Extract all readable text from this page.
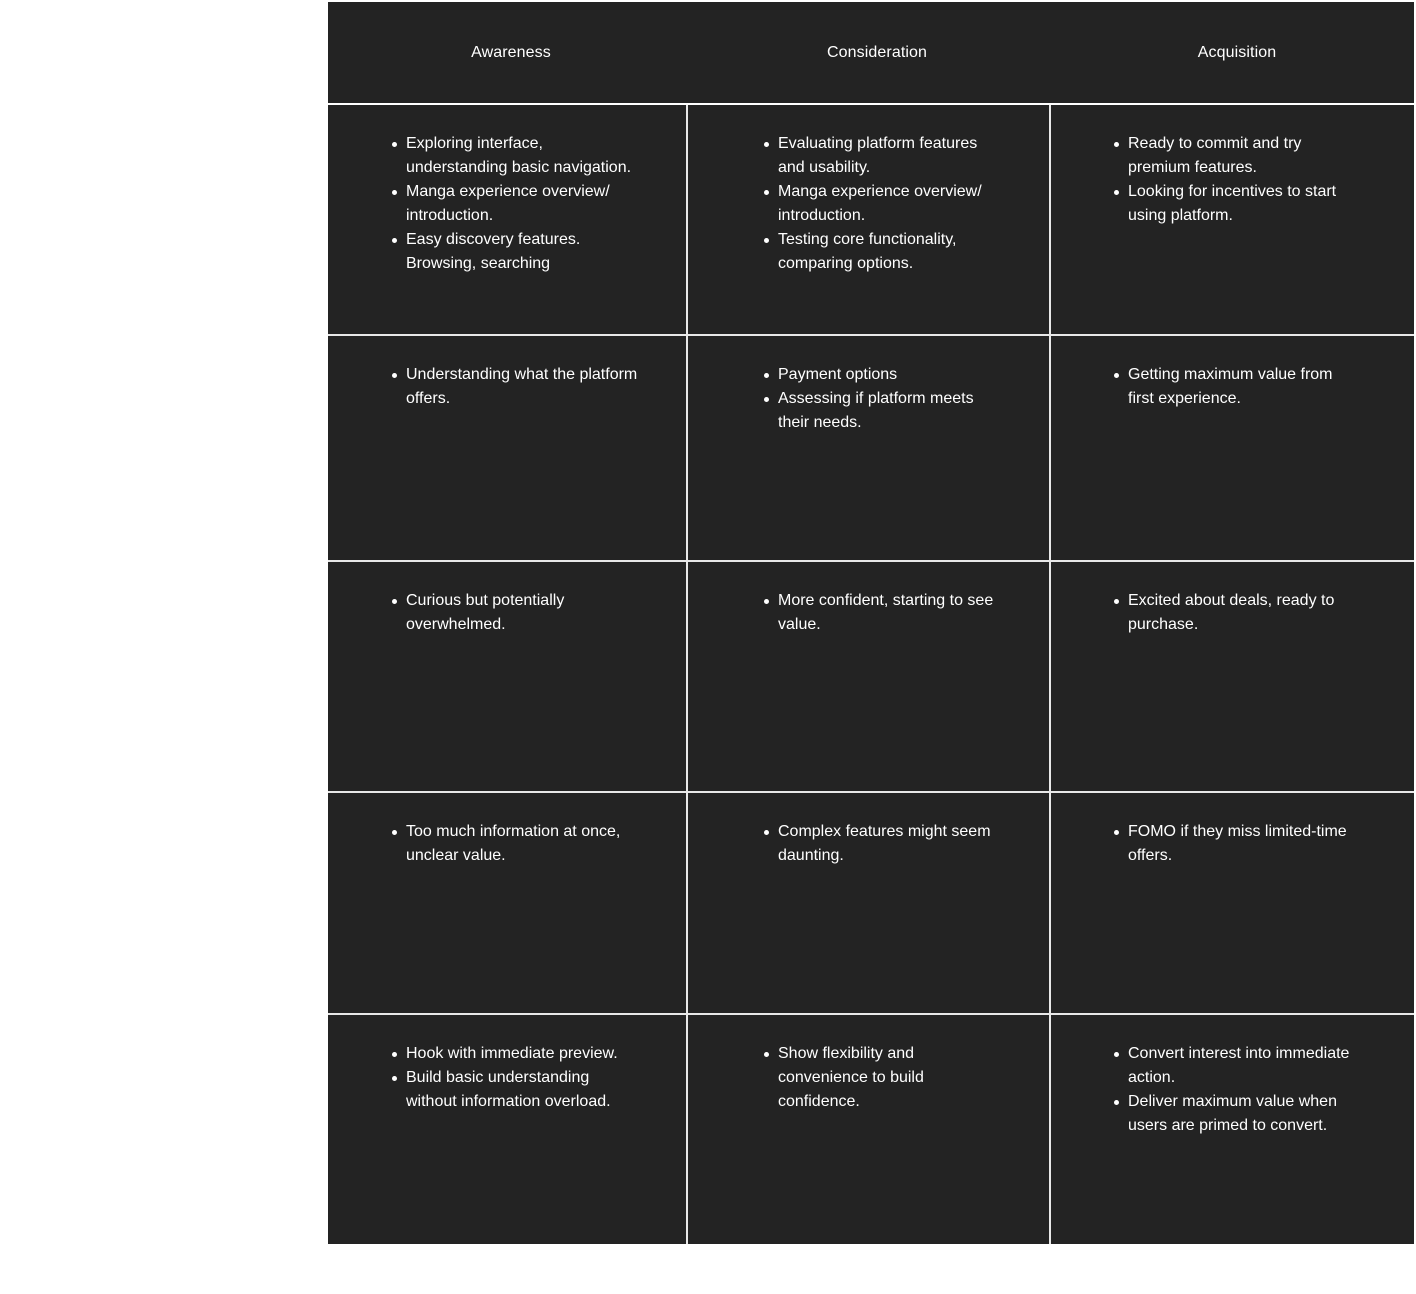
Awareness	Consideration	Acquisition
Exploring interface, understanding basic navigation.
Manga experience overview/ introduction.
Easy discovery features. Browsing, searching
Evaluating platform features and usability.
Manga experience overview/ introduction.
Testing core functionality, comparing options.
Ready to commit and try premium features.
Looking for incentives to start using platform.
Understanding what the platform offers.
Payment options
Assessing if platform meets their needs.
Getting maximum value from first experience.
Curious but potentially overwhelmed.
More confident, starting to see value.
Excited about deals, ready to purchase.
Too much information at once, unclear value.
Complex features might seem daunting.
FOMO if they miss limited-time offers.
Hook with immediate preview.
Build basic understanding without information overload.
Show flexibility and convenience to build confidence.
Convert interest into immediate action.
Deliver maximum value when users are primed to convert.
